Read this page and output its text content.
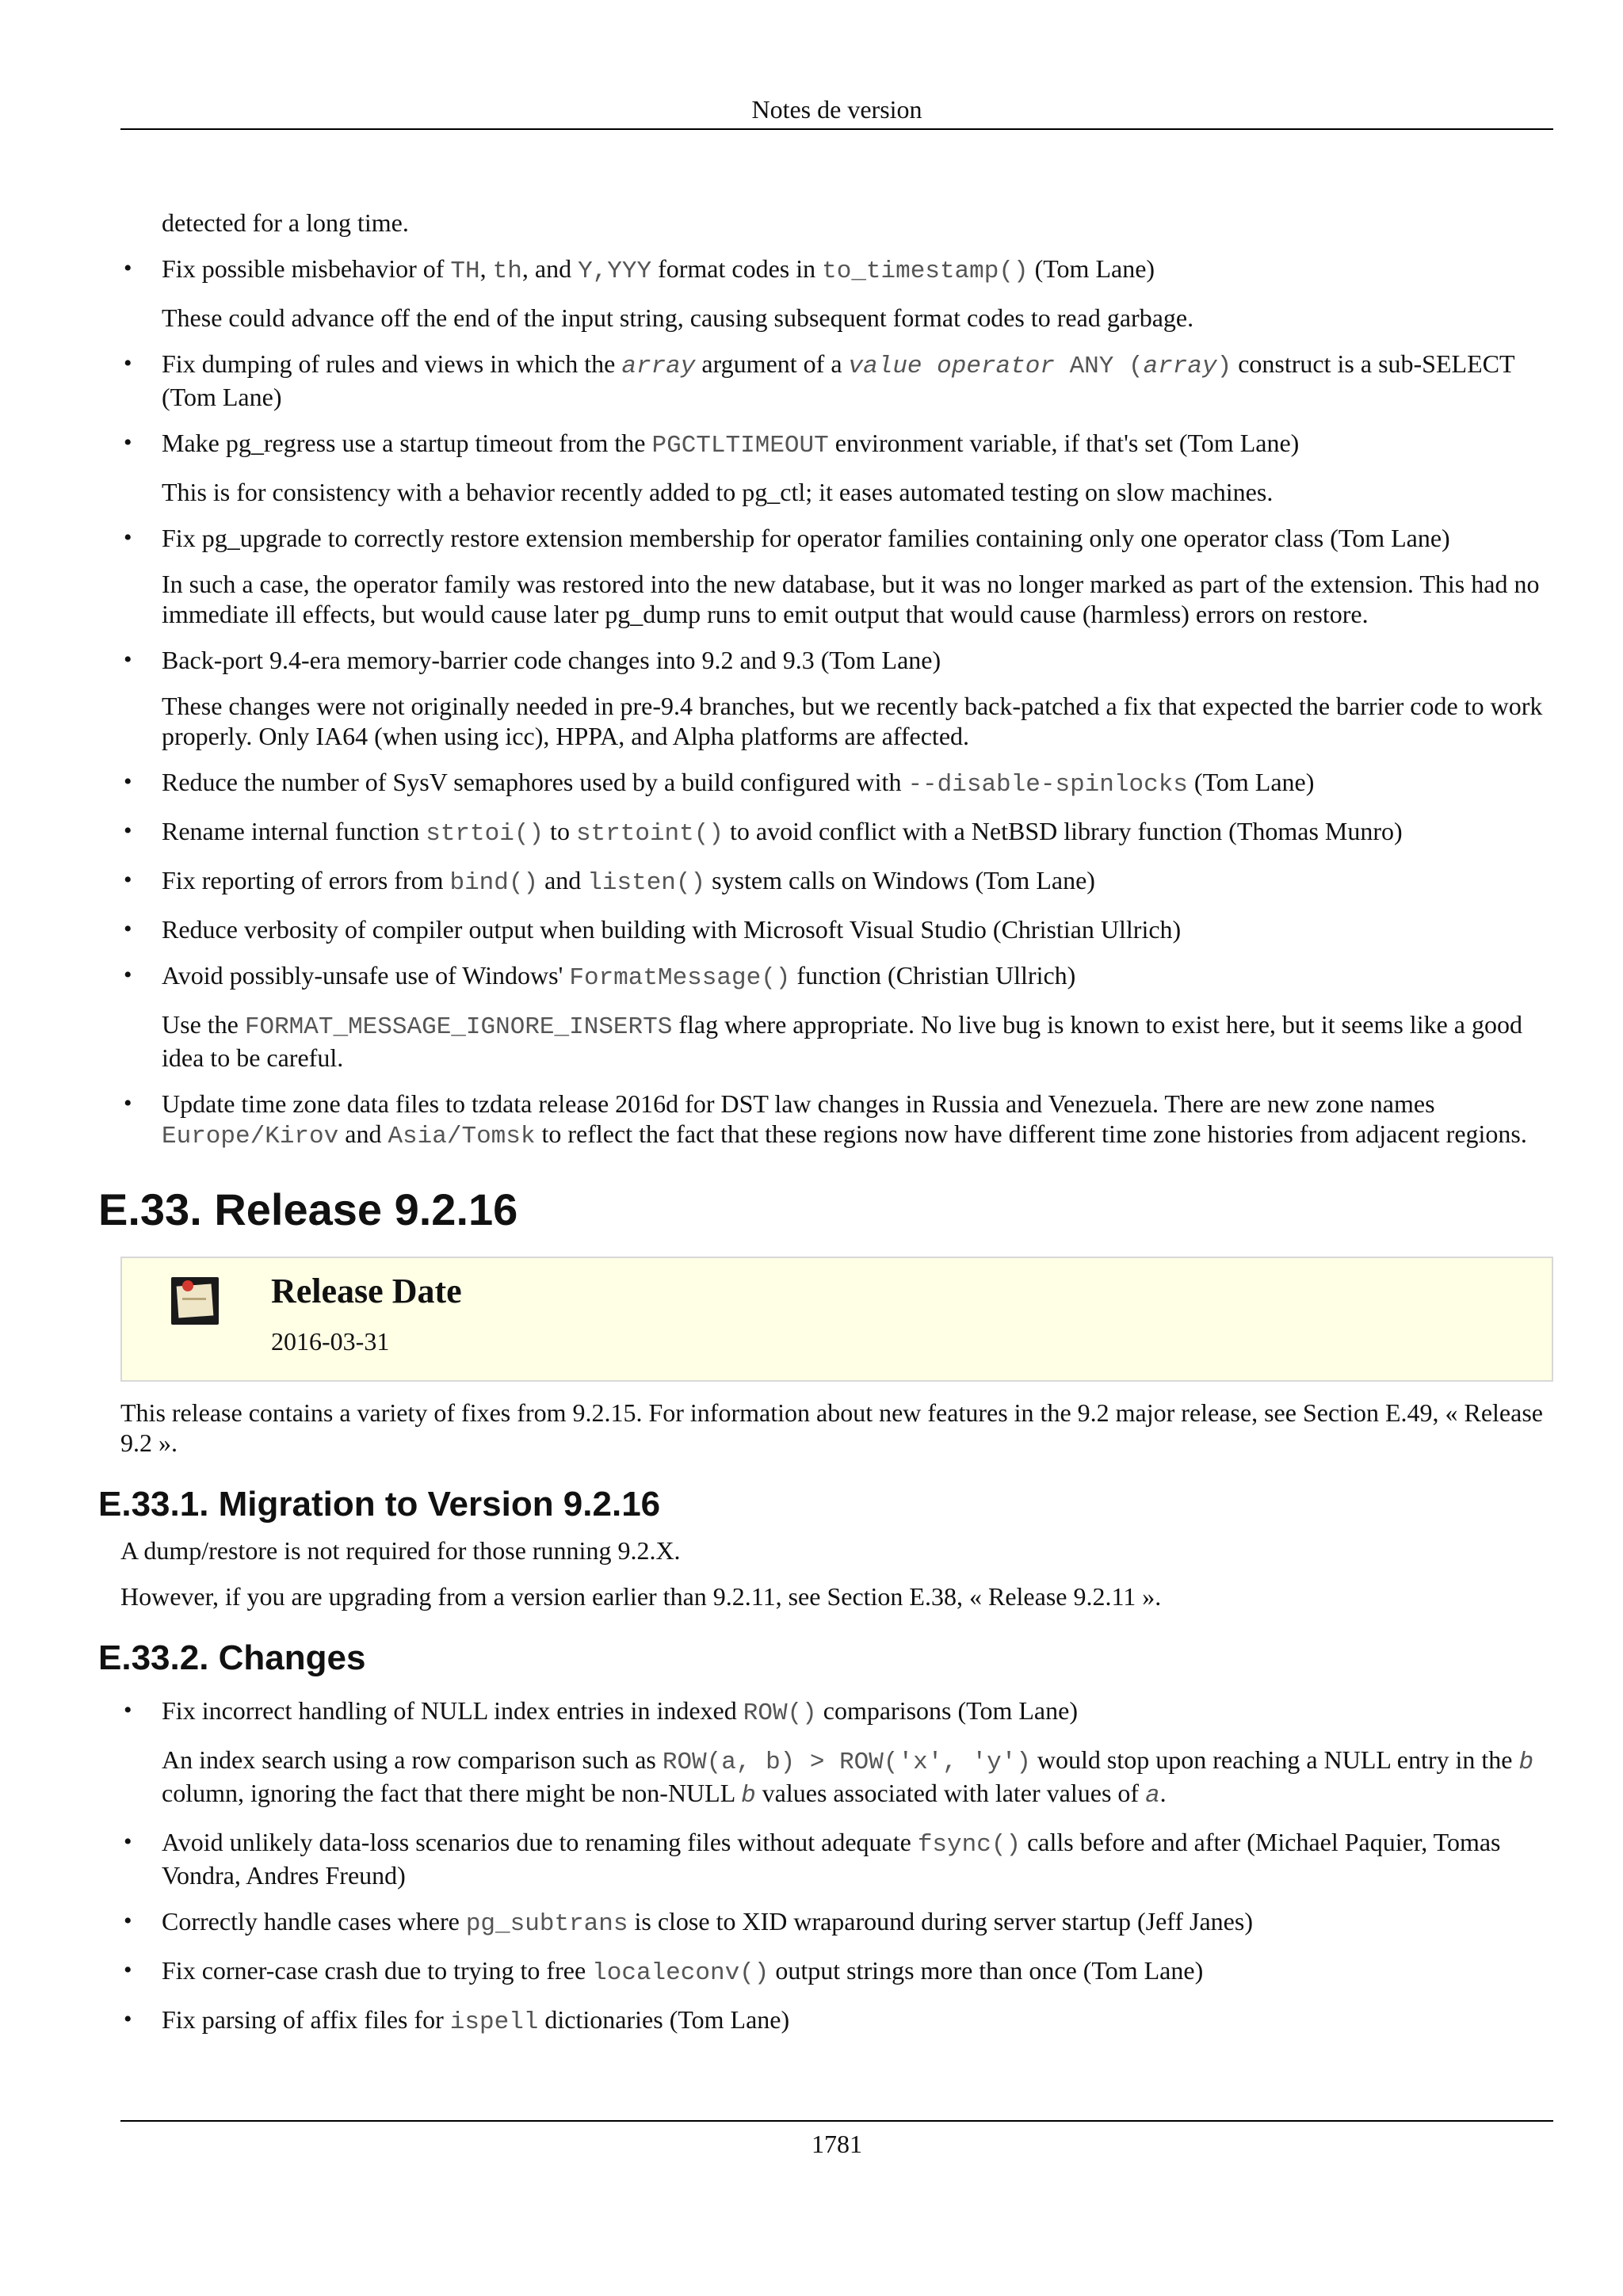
Notes de version

detected for a long time.

• Fix possible misbehavior of TH, th, and Y,YYY format codes in to_timestamp() (Tom Lane)

These could advance off the end of the input string, causing subsequent format codes to read garbage.

• Fix dumping of rules and views in which the array argument of a value operator ANY (array) construct is a sub-SELECT (Tom Lane)

• Make pg_regress use a startup timeout from the PGCTLTIMEOUT environment variable, if that's set (Tom Lane)

This is for consistency with a behavior recently added to pg_ctl; it eases automated testing on slow machines.

• Fix pg_upgrade to correctly restore extension membership for operator families containing only one operator class (Tom Lane)

In such a case, the operator family was restored into the new database, but it was no longer marked as part of the extension. This had no immediate ill effects, but would cause later pg_dump runs to emit output that would cause (harmless) errors on restore.

• Back-port 9.4-era memory-barrier code changes into 9.2 and 9.3 (Tom Lane)

These changes were not originally needed in pre-9.4 branches, but we recently back-patched a fix that expected the barrier code to work properly. Only IA64 (when using icc), HPPA, and Alpha platforms are affected.

• Reduce the number of SysV semaphores used by a build configured with --disable-spinlocks (Tom Lane)

• Rename internal function strtoi() to strtoint() to avoid conflict with a NetBSD library function (Thomas Munro)

• Fix reporting of errors from bind() and listen() system calls on Windows (Tom Lane)

• Reduce verbosity of compiler output when building with Microsoft Visual Studio (Christian Ullrich)

• Avoid possibly-unsafe use of Windows' FormatMessage() function (Christian Ullrich)

Use the FORMAT_MESSAGE_IGNORE_INSERTS flag where appropriate. No live bug is known to exist here, but it seems like a good idea to be careful.

• Update time zone data files to tzdata release 2016d for DST law changes in Russia and Venezuela. There are new zone names Europe/Kirov and Asia/Tomsk to reflect the fact that these regions now have different time zone histories from adjacent regions.

E.33. Release 9.2.16
Release Date
2016-03-31

This release contains a variety of fixes from 9.2.15. For information about new features in the 9.2 major release, see Section E.49, « Release 9.2 ».

E.33.1. Migration to Version 9.2.16

A dump/restore is not required for those running 9.2.X.

However, if you are upgrading from a version earlier than 9.2.11, see Section E.38, « Release 9.2.11 ».

E.33.2. Changes

• Fix incorrect handling of NULL index entries in indexed ROW() comparisons (Tom Lane)

An index search using a row comparison such as ROW(a, b) > ROW('x', 'y') would stop upon reaching a NULL entry in the b column, ignoring the fact that there might be non-NULL b values associated with later values of a.

• Avoid unlikely data-loss scenarios due to renaming files without adequate fsync() calls before and after (Michael Paquier, Tomas Vondra, Andres Freund)

• Correctly handle cases where pg_subtrans is close to XID wraparound during server startup (Jeff Janes)

• Fix corner-case crash due to trying to free localeconv() output strings more than once (Tom Lane)

• Fix parsing of affix files for ispell dictionaries (Tom Lane)

1781
